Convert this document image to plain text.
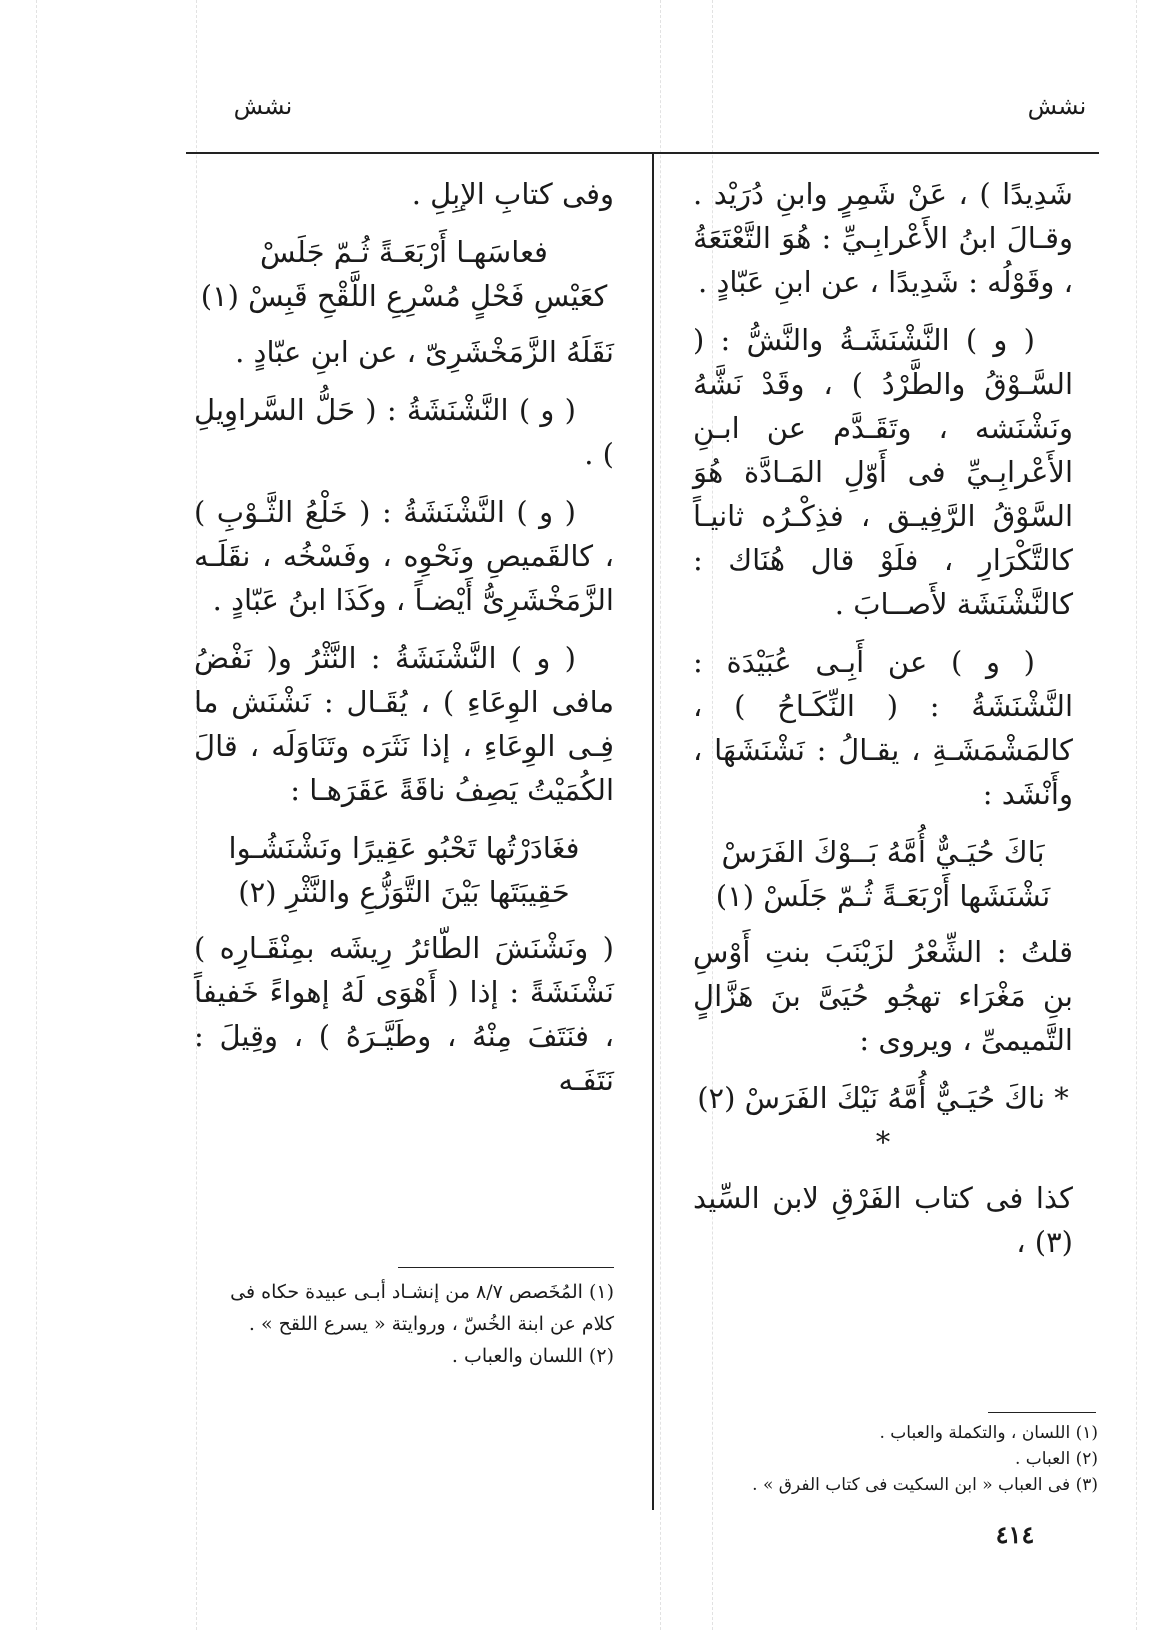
نشش
نشش

شَدِيدًا ) ، عَنْ شَمِرٍ وابنِ دُرَيْد . وقـالَ ابنُ الأَعْرابِـيِّ : هُوَ التَّعْتَعَةُ ، وقَوْلُه : شَدِيدًا ، عن ابنِ عَبّادٍ .

( و ) النَّشْنَشَـةُ والنَّشُّ : ( السَّـوْقُ والطَّرْدُ ) ، وقَدْ نَشَّهُ ونَشْنَشه ، وتَقَـدَّم عن ابـنِ الأَعْرابِـيِّ فى أَوّلِ المَـادَّة هُوَ السَّوْقُ الرَّفِيـق ، فذِكْـرُه ثانيـاً كالتَّكْرَارِ ، فلَوْ قال هُنَاك : كالنَّشْنَشَة لأَصــابَ .

( و ) عن أَبِـى عُبَيْدَة : النَّشْنَشَةُ : ( النِّكَـاحُ ) ، كالمَشْمَشَـةِ ، يقـالُ : نَشْنَشَهَا ، وأَنْشَد :

بَاكَ حُيَـيٌّ أُمَّهُ بَــوْكَ الفَرَسْ
نَشْنَشَها أَرْبَعَـةً ثُـمّ جَلَسْ (١)

قلتُ : الشِّعْرُ لزَيْنَبَ بنتِ أَوْسِ بنِ مَغْرَاء تهجُو حُيَىَّ بنَ هَزَّالٍ التَّميمىِّ ، ويروى :

* ناكَ حُيَـيٌّ أُمَّهُ نَيْكَ الفَرَسْ (٢) *

كذا فى كتاب الفَرْقِ لابن السِّيد (٣) ،

(١) اللسان ، والتكملة والعباب .
(٢) العباب .
(٣) فى العباب « ابن السكيت فى كتاب الفرق » .

وفى كتابِ الإبِلِ .

فعاسَهـا أَرْبَعَـةً ثُـمّ جَلَسْ
كعَيْسِ فَحْلٍ مُسْرِعِ اللَّقْحِ قَبِسْ (١)

نَقَلَهُ الزَّمَخْشَرِىّ ، عن ابنِ عبّادٍ .

( و ) النَّشْنَشَةُ : ( حَلُّ السَّراوِيلِ ) .

( و ) النَّشْنَشَةُ : ( خَلْعُ الثَّـوْبِ ) ، كالقَميصِ ونَحْوِه ، وفَسْخُه ، نقَلَـه الزَّمَخْشَرِىُّ أَيْضـاً ، وكَذَا ابنُ عَبّادٍ .

( و ) النَّشْنَشَةُ : النَّثْرُ و( نَفْضُ مافى الوِعَاءِ ) ، يُقَـال : نَشْنَش ما فِـى الوِعَاءِ ، إذا نَثَرَه وتَنَاوَلَه ، قالَ الكُمَيْتُ يَصِفُ ناقَةً عَقَرَهـا :

فغَادَرْتُها تَحْبُو عَقِيرًا ونَشْنَشُـوا
حَقِيبَتَها بَيْنَ التَّوَزُّعِ والنَّثْرِ (٢)

( ونَشْنَشَ الطّائرُ رِيشَه بمِنْقَـارِه ) نَشْنَشَةً : إذا ( أَهْوَى لَهُ إهواءً خَفيفاً ، فنَتَفَ مِنْهُ ، وطَيَّـرَهُ ) ، وقِيلَ : نَتَفَـه

(١) المُخَصص ٨/٧ من إنشـاد أبـى عبيدة حكاه فى كلام عن ابنة الخُسّ ، وروايتة « يسرع اللقح » .
(٢) اللسان والعباب .
٤١٤
